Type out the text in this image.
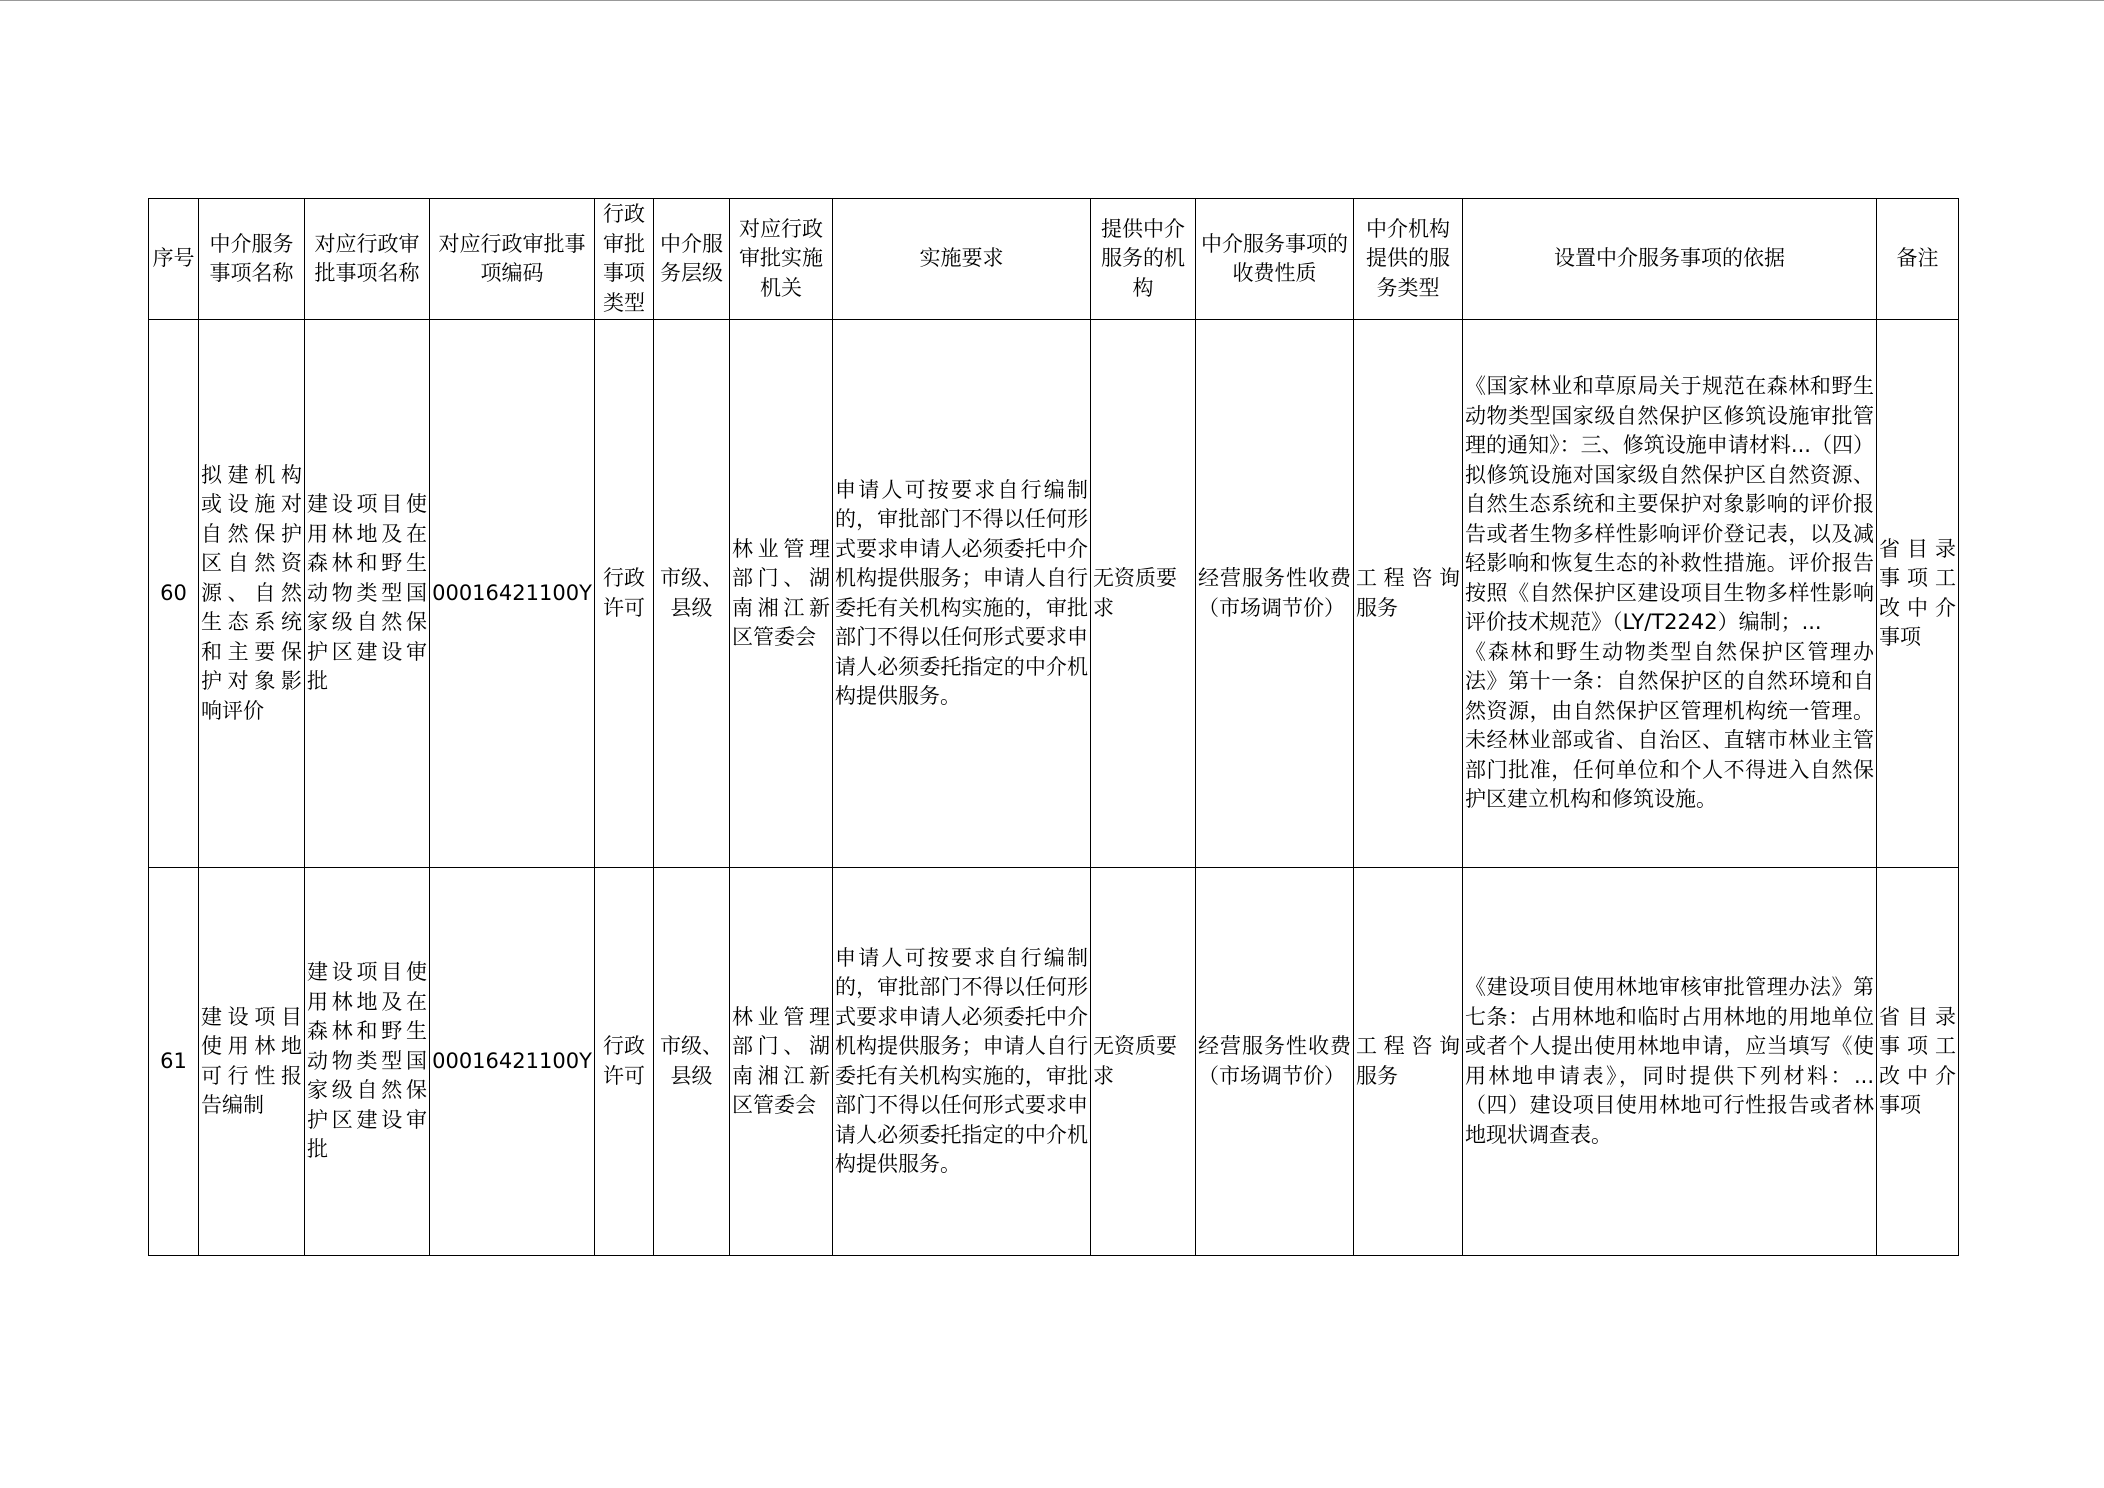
序号	中介服务事项名称	对应行政审批事项名称	对应行政审批事项编码	行政审批事项类型	中介服务层级	对应行政审批实施机关	实施要求	提供中介服务的机构	中介服务事项的收费性质	中介机构提供的服务类型	设置中介服务事项的依据	备注
60	拟建机构或设施对自然保护区自然资源、自然生态系统和主要保护对象影响评价	建设项目使用林地及在森林和野生动物类型国家级自然保护区建设审批	00016421100Y	行政许可	市级、县级	林业管理部门、湖南湘江新区管委会	申请人可按要求自行编制的，审批部门不得以任何形式要求申请人必须委托中介机构提供服务；申请人自行委托有关机构实施的，审批部门不得以任何形式要求申请人必须委托指定的中介机构提供服务。	无资质要求	经营服务性收费（市场调节价）	工程咨询服务	《国家林业和草原局关于规范在森林和野生动物类型国家级自然保护区修筑设施审批管理的通知》：三、修筑设施申请材料...（四）拟修筑设施对国家级自然保护区自然资源、自然生态系统和主要保护对象影响的评价报告或者生物多样性影响评价登记表，以及减轻影响和恢复生态的补救性措施。评价报告按照《自然保护区建设项目生物多样性影响评价技术规范》（LY/T2242）编制；...
《森林和野生动物类型自然保护区管理办法》第十一条：自然保护区的自然环境和自然资源，由自然保护区管理机构统一管理。未经林业部或省、自治区、直辖市林业主管部门批准，任何单位和个人不得进入自然保护区建立机构和修筑设施。	省目录事项工改中介事项
61	建设项目使用林地可行性报告编制	建设项目使用林地及在森林和野生动物类型国家级自然保护区建设审批	00016421100Y	行政许可	市级、县级	林业管理部门、湖南湘江新区管委会	申请人可按要求自行编制的，审批部门不得以任何形式要求申请人必须委托中介机构提供服务；申请人自行委托有关机构实施的，审批部门不得以任何形式要求申请人必须委托指定的中介机构提供服务。	无资质要求	经营服务性收费（市场调节价）	工程咨询服务	《建设项目使用林地审核审批管理办法》第七条：占用林地和临时占用林地的用地单位或者个人提出使用林地申请，应当填写《使用林地申请表》，同时提供下列材料：...（四）建设项目使用林地可行性报告或者林地现状调查表。	省目录事项工改中介事项
